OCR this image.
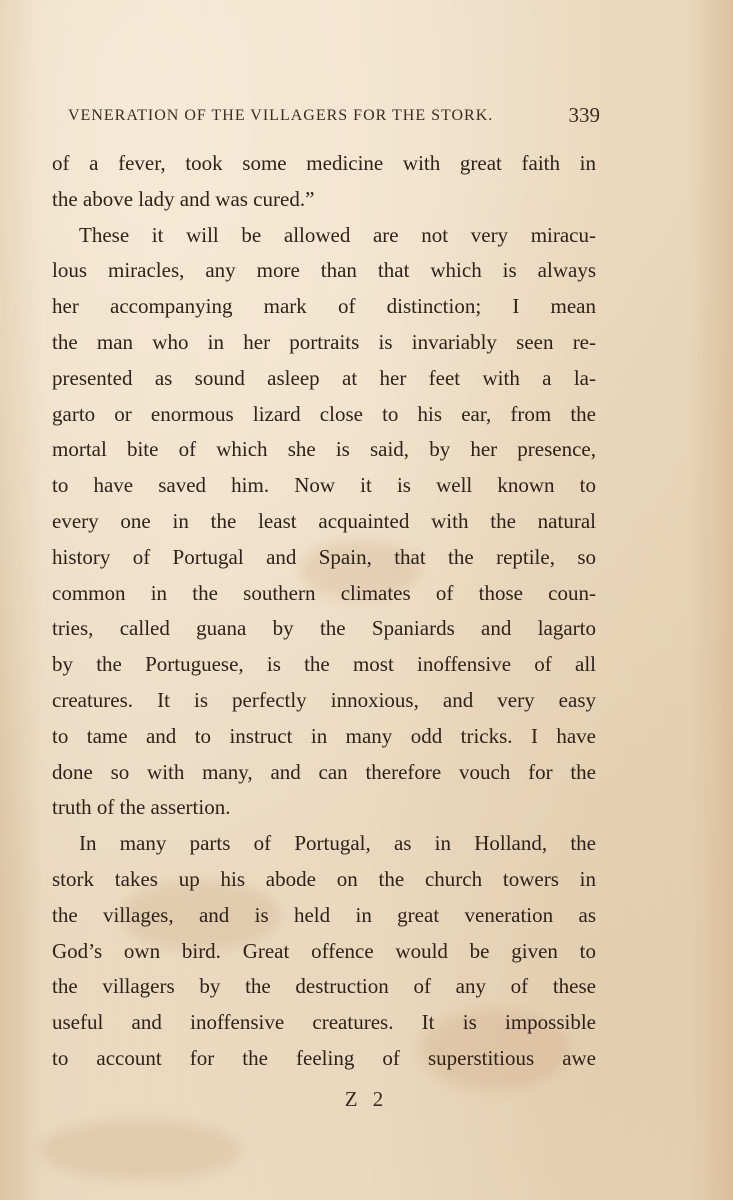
VENERATION OF THE VILLAGERS FOR THE STORK.	339
of a fever, took some medicine with great faith in
the above lady and was cured.”
These it will be allowed are not very miracu-
lous miracles, any more than that which is always
her accompanying mark of distinction; I mean
the man who in her portraits is invariably seen re-
presented as sound asleep at her feet with a la-
garto or enormous lizard close to his ear, from the
mortal bite of which she is said, by her presence,
to have saved him. Now it is well known to
every one in the least acquainted with the natural
history of Portugal and Spain, that the reptile, so
common in the southern climates of those coun-
tries, called guana by the Spaniards and lagarto
by the Portuguese, is the most inoffensive of all
creatures. It is perfectly innoxious, and very easy
to tame and to instruct in many odd tricks. I have
done so with many, and can therefore vouch for the
truth of the assertion.
In many parts of Portugal, as in Holland, the
stork takes up his abode on the church towers in
the villages, and is held in great veneration as
God’s own bird. Great offence would be given to
the villagers by the destruction of any of these
useful and inoffensive creatures. It is impossible
to account for the feeling of superstitious awe
Z 2
